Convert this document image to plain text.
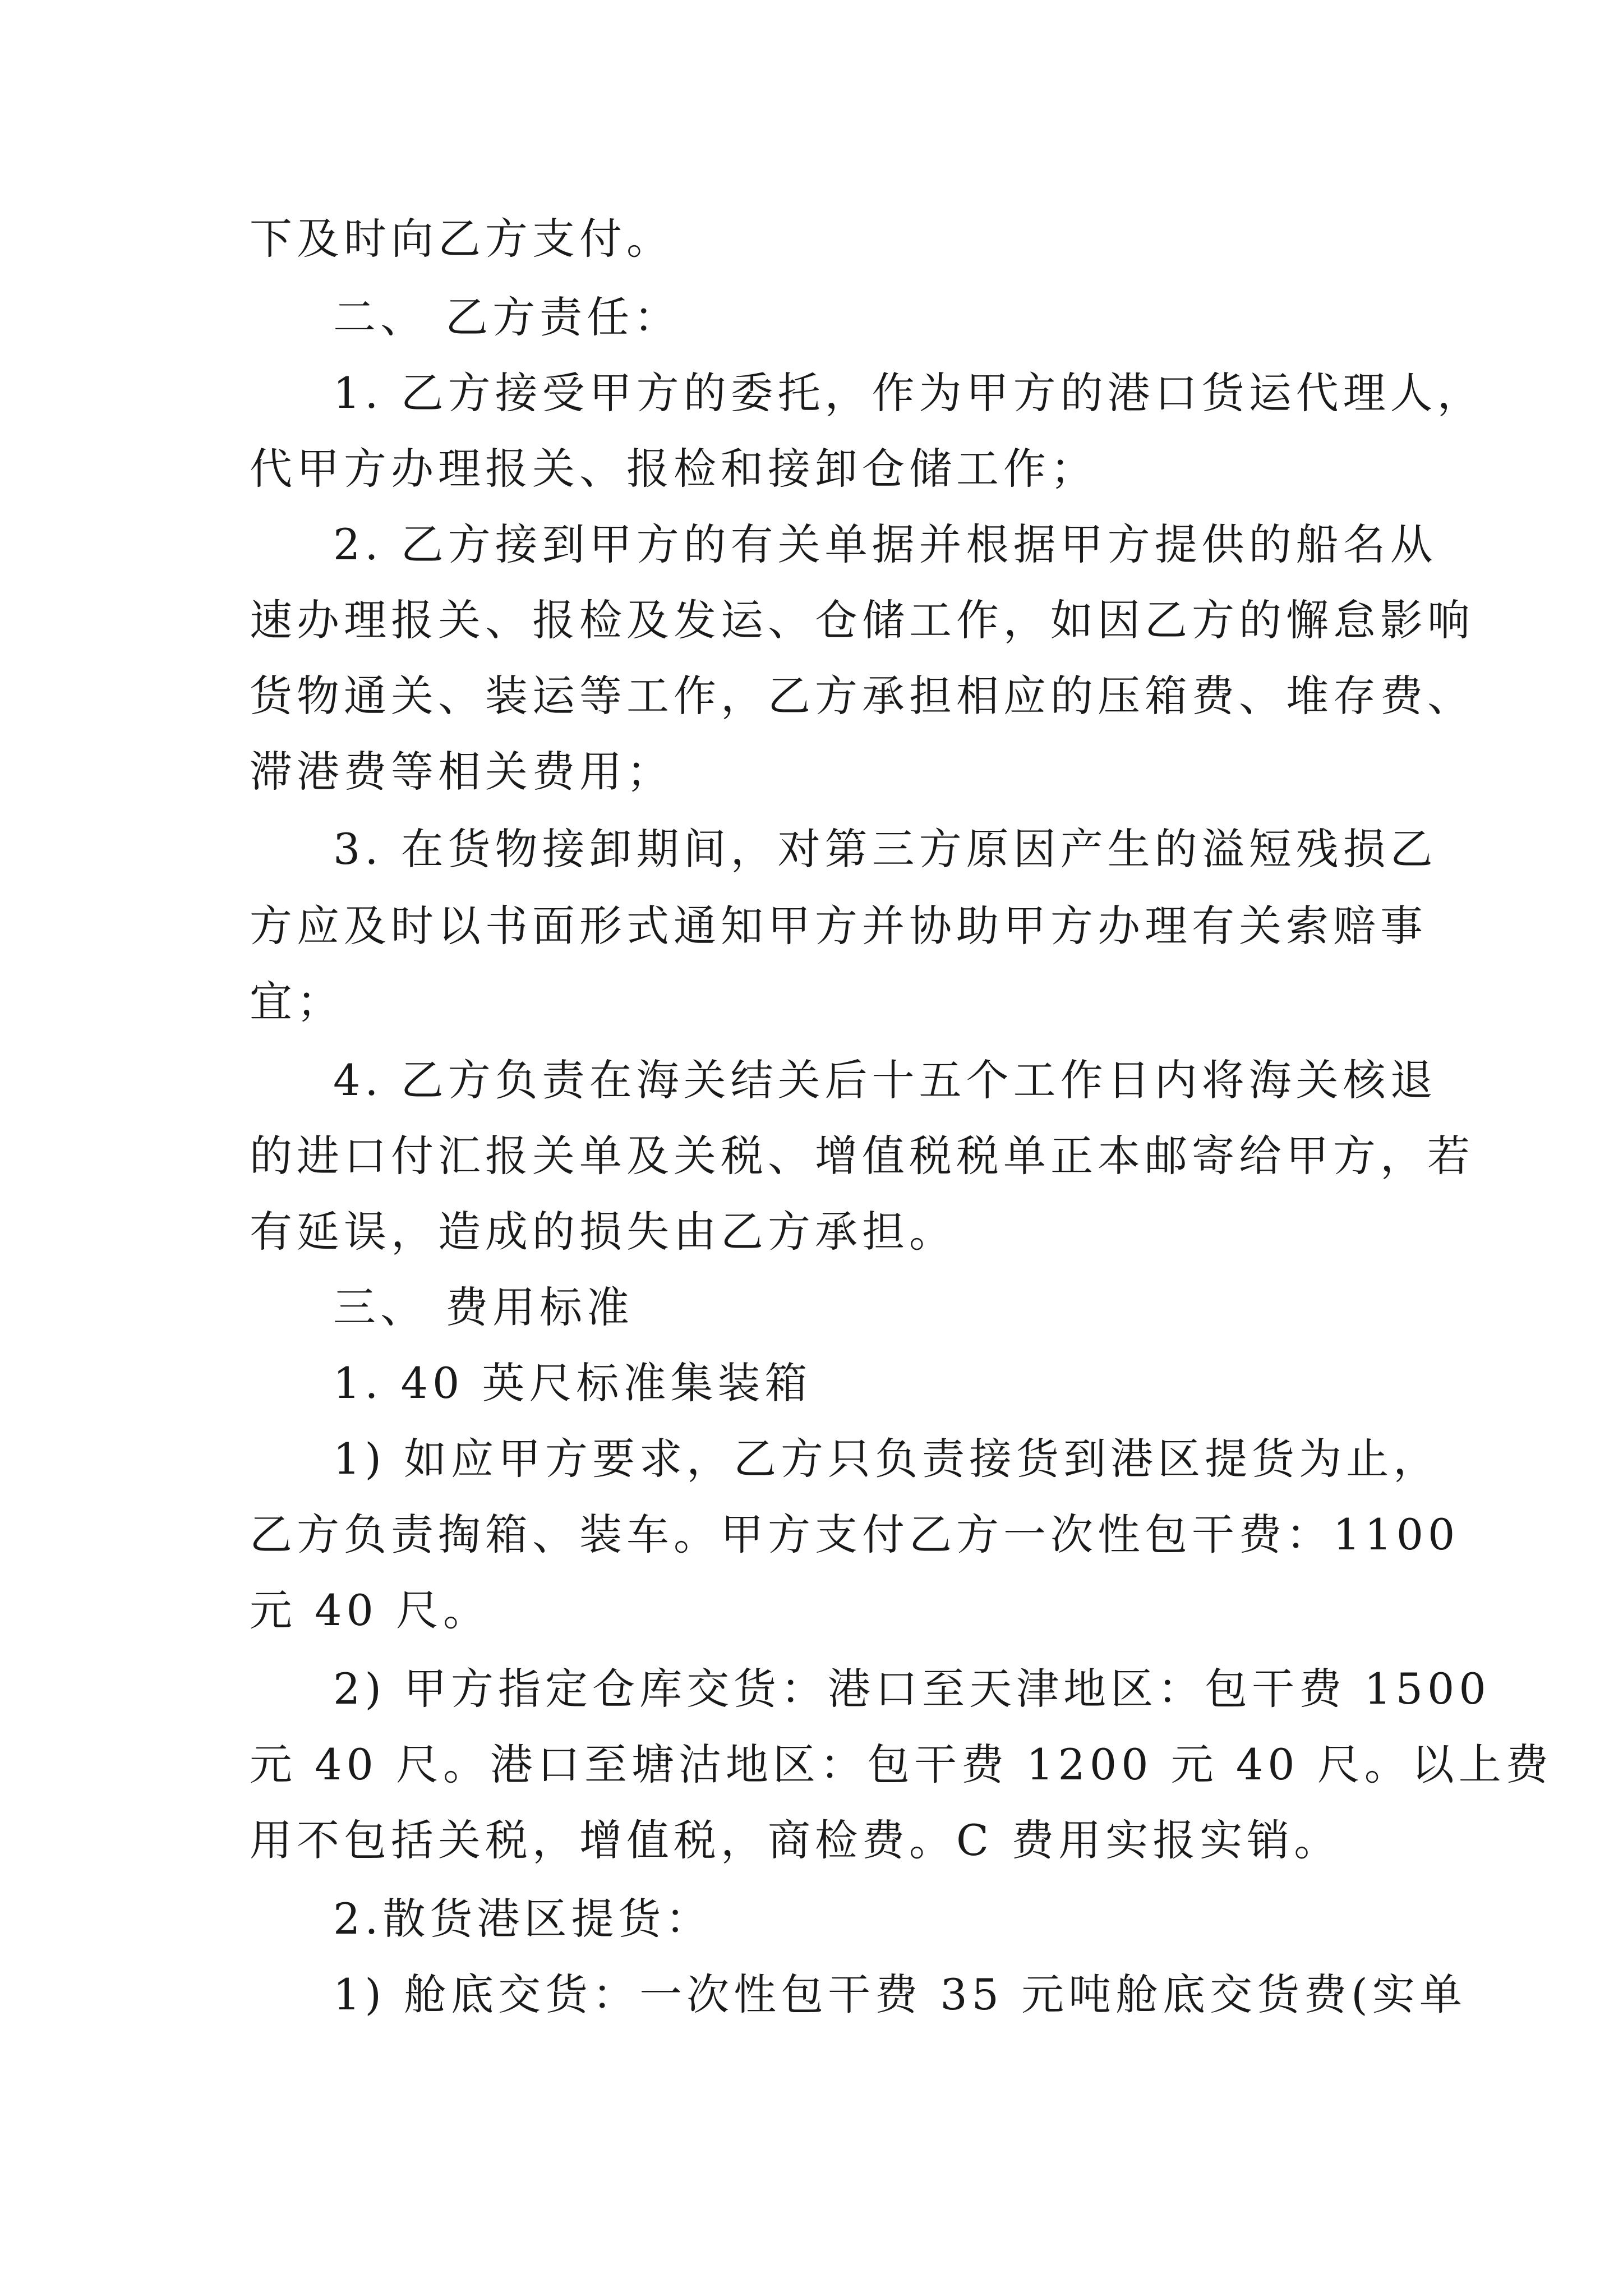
下及时向乙方支付。

二、 乙方责任：

1. 乙方接受甲方的委托，作为甲方的港口货运代理人，

代甲方办理报关、报检和接卸仓储工作；

2. 乙方接到甲方的有关单据并根据甲方提供的船名从

速办理报关、报检及发运、仓储工作，如因乙方的懈怠影响

货物通关、装运等工作，乙方承担相应的压箱费、堆存费、

滞港费等相关费用；

3. 在货物接卸期间，对第三方原因产生的溢短残损乙

方应及时以书面形式通知甲方并协助甲方办理有关索赔事

宜；

4. 乙方负责在海关结关后十五个工作日内将海关核退

的进口付汇报关单及关税、增值税税单正本邮寄给甲方，若

有延误，造成的损失由乙方承担。

三、 费用标准

1. 40 英尺标准集装箱

1) 如应甲方要求，乙方只负责接货到港区提货为止，

乙方负责掏箱、装车。甲方支付乙方一次性包干费：1100

元 40 尺。

2) 甲方指定仓库交货：港口至天津地区：包干费 1500

元 40 尺。港口至塘沽地区：包干费 1200 元 40 尺。以上费

用不包括关税，增值税，商检费。C 费用实报实销。

2.散货港区提货：

1) 舱底交货：一次性包干费 35 元吨舱底交货费(实单
